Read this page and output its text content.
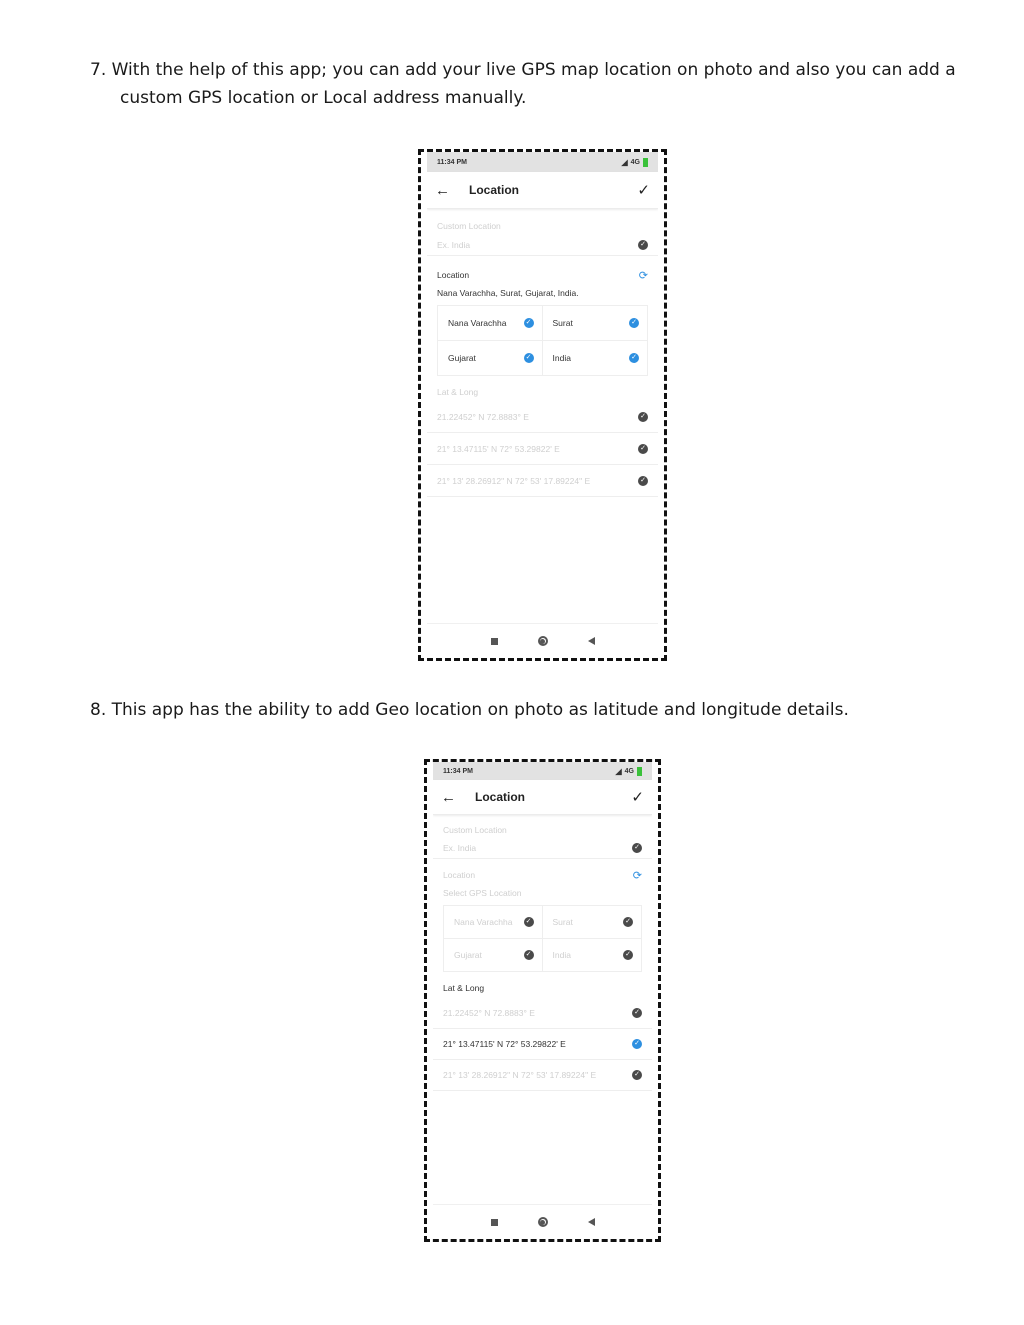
7. With the help of this app; you can add your live GPS map location on photo and also you can add a
custom GPS location or Local address manually.
11:34 PM	◢ 4G
←	Location	✓
Custom Location
Ex. India	✓
Location	⟳
Nana Varachha, Surat, Gujarat, India.
Nana Varachha	✓ Surat	✓
Gujarat	✓ India	✓
Lat & Long
21.22452° N 72.8883° E	✓
21° 13.47115' N 72° 53.29822' E	✓
21° 13' 28.26912" N 72° 53' 17.89224" E	✓
8. This app has the ability to add Geo location on photo as latitude and longitude details.
11:34 PM	◢ 4G
←	Location	✓
Custom Location
Ex. India	✓
Location	⟳
Select GPS Location
Nana Varachha ✓ Surat	✓
Gujarat	✓ India	✓
Lat & Long
21.22452° N 72.8883° E	✓
21° 13.47115' N 72° 53.29822' E	✓
21° 13' 28.26912" N 72° 53' 17.89224" E	✓
